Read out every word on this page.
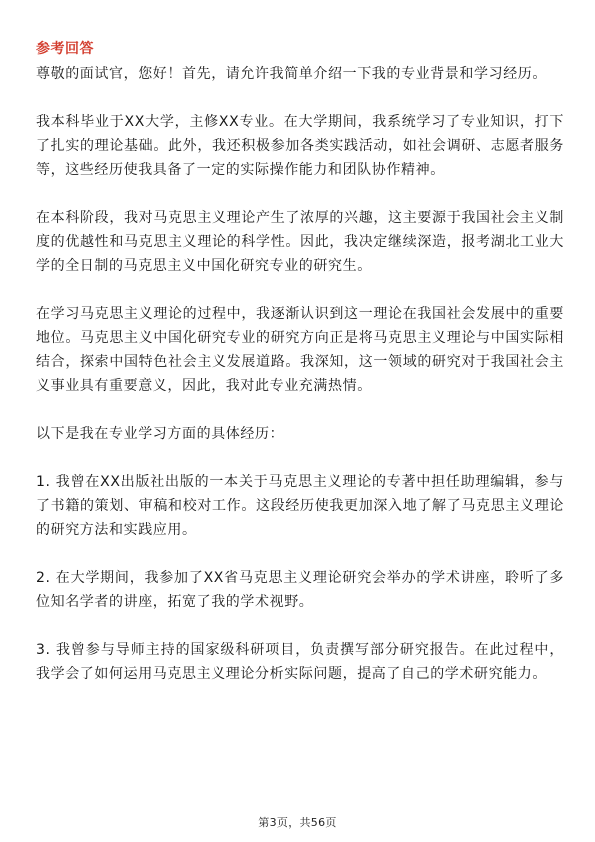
参考回答

尊敬的面试官，您好！首先，请允许我简单介绍一下我的专业背景和学习经历。

我本科毕业于XX大学，主修XX专业。在大学期间，我系统学习了专业知识，打下了扎实的理论基础。此外，我还积极参加各类实践活动，如社会调研、志愿者服务等，这些经历使我具备了一定的实际操作能力和团队协作精神。

在本科阶段，我对马克思主义理论产生了浓厚的兴趣，这主要源于我国社会主义制度的优越性和马克思主义理论的科学性。因此，我决定继续深造，报考湖北工业大学的全日制的马克思主义中国化研究专业的研究生。

在学习马克思主义理论的过程中，我逐渐认识到这一理论在我国社会发展中的重要地位。马克思主义中国化研究专业的研究方向正是将马克思主义理论与中国实际相结合，探索中国特色社会主义发展道路。我深知，这一领域的研究对于我国社会主义事业具有重要意义，因此，我对此专业充满热情。

以下是我在专业学习方面的具体经历：

1. 我曾在XX出版社出版的一本关于马克思主义理论的专著中担任助理编辑，参与了书籍的策划、审稿和校对工作。这段经历使我更加深入地了解了马克思主义理论的研究方法和实践应用。

2. 在大学期间，我参加了XX省马克思主义理论研究会举办的学术讲座，聆听了多位知名学者的讲座，拓宽了我的学术视野。

3. 我曾参与导师主持的国家级科研项目，负责撰写部分研究报告。在此过程中，我学会了如何运用马克思主义理论分析实际问题，提高了自己的学术研究能力。

第3页，共56页
